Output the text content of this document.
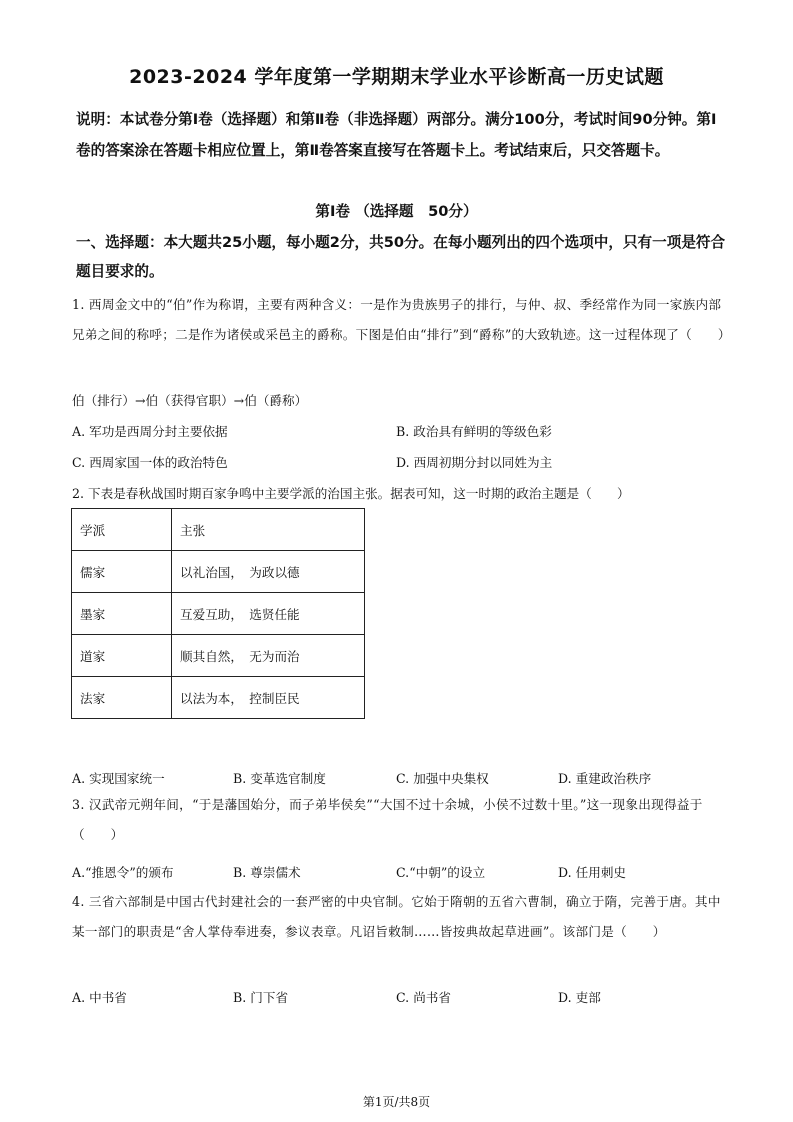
2023-2024 学年度第一学期期末学业水平诊断高一历史试题
说明：本试卷分第Ⅰ卷（选择题）和第Ⅱ卷（非选择题）两部分。满分100分，考试时间90分钟。第Ⅰ卷的答案涂在答题卡相应位置上，第Ⅱ卷答案直接写在答题卡上。考试结束后，只交答题卡。
第Ⅰ卷 （选择题　50分）
一、选择题：本大题共25小题，每小题2分，共50分。在每小题列出的四个选项中，只有一项是符合题目要求的。
1. 西周金文中的“伯”作为称谓，主要有两种含义：一是作为贵族男子的排行，与仲、叔、季经常作为同一家族内部兄弟之间的称呼；二是作为诸侯或采邑主的爵称。下图是伯由“排行”到“爵称”的大致轨迹。这一过程体现了（　　）
伯（排行）→伯（获得官职）→伯（爵称）
A. 军功是西周分封主要依据	B. 政治具有鲜明的等级色彩
C. 西周家国一体的政治特色	D. 西周初期分封以同姓为主
2. 下表是春秋战国时期百家争鸣中主要学派的治国主张。据表可知，这一时期的政治主题是（　　）
学派	主张
儒家	以礼治国，　为政以德
墨家	互爱互助，　选贤任能
道家	顺其自然，　无为而治
法家	以法为本，　控制臣民
A. 实现国家统一	B. 变革选官制度	C. 加强中央集权	D. 重建政治秩序
3. 汉武帝元朔年间，“于是藩国始分，而子弟毕侯矣”“大国不过十余城，小侯不过数十里。”这一现象出现得益于（　　）
A.“推恩令”的颁布	B. 尊崇儒术	C.“中朝”的设立	D. 任用刺史
4. 三省六部制是中国古代封建社会的一套严密的中央官制。它始于隋朝的五省六曹制，确立于隋，完善于唐。其中某一部门的职责是“舍人掌侍奉进奏，参议表章。凡诏旨敕制……皆按典故起草进画”。该部门是（　　）
A. 中书省	B. 门下省	C. 尚书省	D. 吏部
第1页/共8页
